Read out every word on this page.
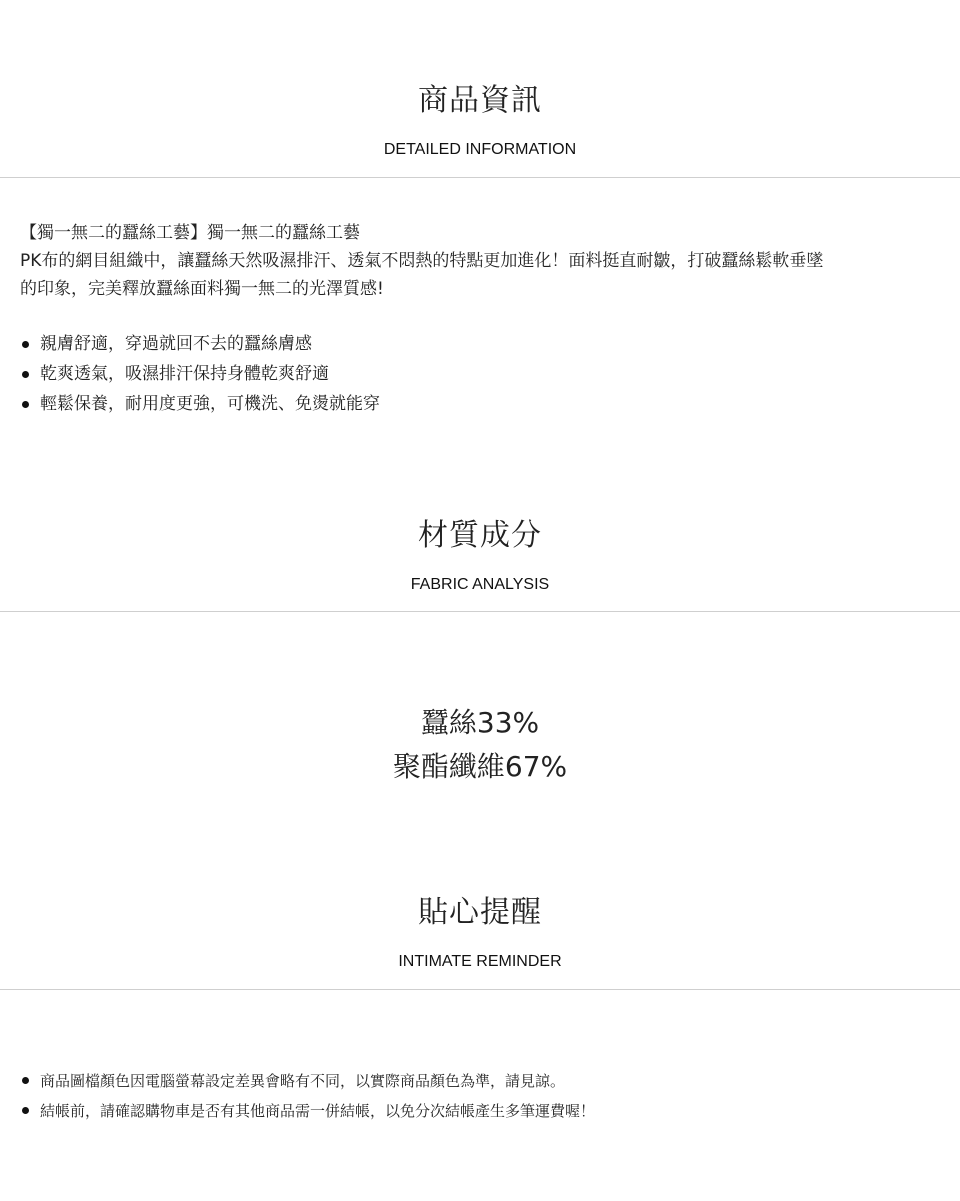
商品資訊
DETAILED INFORMATION

【獨一無二的蠶絲工藝】獨一無二的蠶絲工藝

PK布的網目組織中，讓蠶絲天然吸濕排汗、透氣不悶熱的特點更加進化！面料挺直耐皺，打破蠶絲鬆軟垂墜

的印象，完美釋放蠶絲面料獨一無二的光澤質感!

親膚舒適，穿過就回不去的蠶絲膚感
乾爽透氣，吸濕排汗保持身體乾爽舒適
輕鬆保養，耐用度更強，可機洗、免燙就能穿
材質成分
FABRIC ANALYSIS
蠶絲33%
聚酯纖維67%
貼心提醒
INTIMATE REMINDER
商品圖檔顏色因電腦螢幕設定差異會略有不同，以實際商品顏色為準，請見諒。
結帳前，請確認購物車是否有其他商品需一併結帳，以免分次結帳產生多筆運費喔！
